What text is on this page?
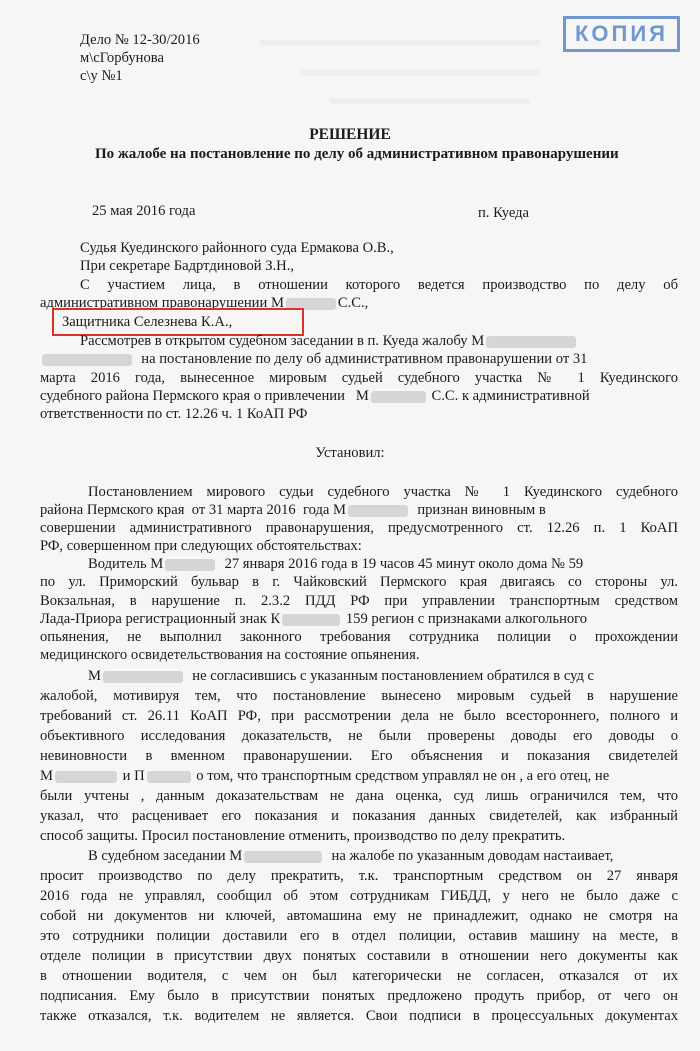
КОПИЯ
Дело № 12-30/2016
м\сГорбунова
с\у №1
РЕШЕНИЕ
По жалобе на постановление по делу об административном правонарушении
25 мая 2016 года	п. Куеда
Судья Куединского районного суда Ермакова О.В.,
При секретаре Бадртдиновой З.Н.,
С участием лица, в отношении которого ведется производство по делу об
административном правонарушении М	С.С.,
Защитника Селезнева К.А.,
Рассмотрев в открытом судебном заседании в п. Куеда жалобу М
на постановление по делу об административном правонарушении от 31
марта 2016 года, вынесенное мировым судьей судебного участка № 1 Куединского
судебного района Пермского края о привлечении М	С.С. к административной
ответственности по ст. 12.26 ч. 1 КоАП РФ
Установил:
Постановлением мирового судьи судебного участка № 1 Куединского судебного
района Пермского края от 31 марта 2016 года М	признан виновным в
совершении административного правонарушения, предусмотренного ст. 12.26 п. 1 КоАП
РФ, совершенном при следующих обстоятельствах:
Водитель М	27 января 2016 года в 19 часов 45 минут около дома № 59
по ул. Приморский бульвар в г. Чайковский Пермского края двигаясь со стороны ул.
Вокзальная, в нарушение п. 2.3.2 ПДД РФ при управлении транспортным средством
Лада-Приора регистрационный знак К	159 регион с признаками алкогольного
опьянения, не выполнил законного требования сотрудника полиции о прохождении
медицинского освидетельствования на состояние опьянения.
М	не согласившись с указанным постановлением обратился в суд с
жалобой, мотивируя тем, что постановление вынесено мировым судьей в нарушение
требований ст. 26.11 КоАП РФ, при рассмотрении дела не было всестороннего, полного и
объективного исследования доказательств, не были проверены доводы его доводы о
невиновности в вменном правонарушении. Его объяснения и показания свидетелей
М	и П	о том, что транспортным средством управлял не он , а его отец, не
были учтены , данным доказательствам не дана оценка, суд лишь ограничился тем, что
указал, что расценивает его показания и показания данных свидетелей, как избранный
способ защиты. Просил постановление отменить, производство по делу прекратить.
В судебном заседании М	на жалобе по указанным доводам настаивает,
просит производство по делу прекратить, т.к. транспортным средством он 27 января
2016 года не управлял, сообщил об этом сотрудникам ГИБДД, у него не было даже с
собой ни документов ни ключей, автомашина ему не принадлежит, однако не смотря на
это сотрудники полиции доставили его в отдел полиции, оставив машину на месте, в
отделе полиции в присутствии двух понятых составили в отношении него документы как
в отношении водителя, с чем он был категорически не согласен, отказался от их
подписания. Ему было в присутствии понятых предложено продуть прибор, от чего он
также отказался, т.к. водителем не является. Свои подписи в процессуальных документах
